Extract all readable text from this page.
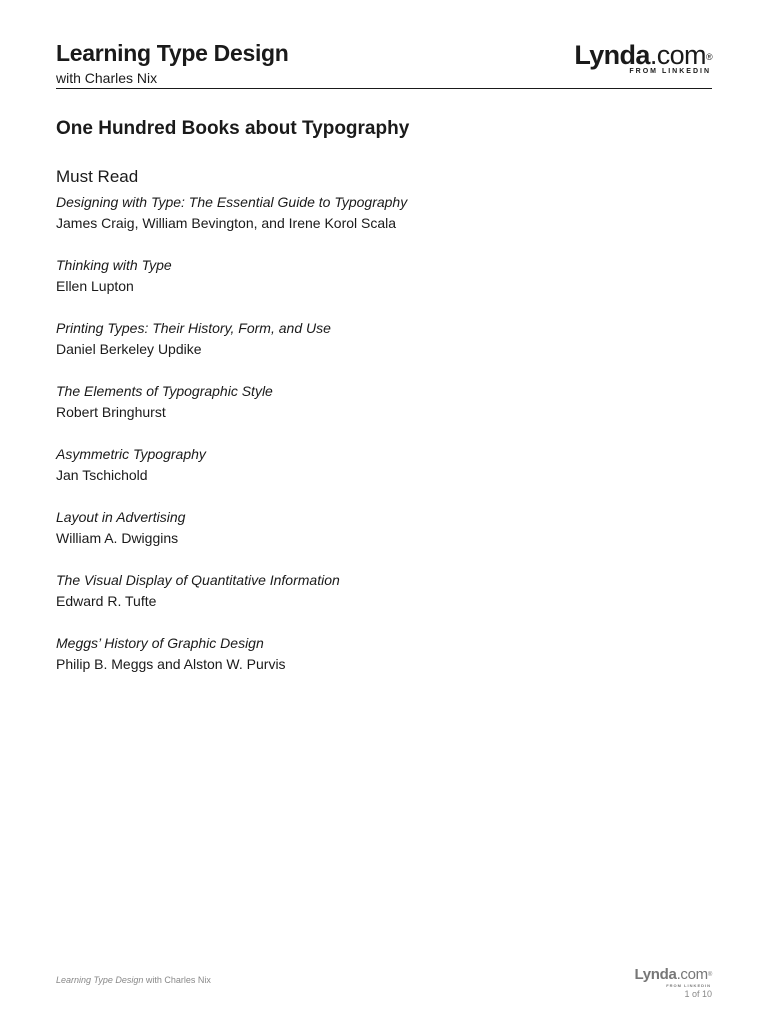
Learning Type Design
with Charles Nix
Lynda.com®
FROM LINKEDIN
One Hundred Books about Typography
Must Read
Designing with Type: The Essential Guide to Typography
James Craig, William Bevington, and Irene Korol Scala
Thinking with Type
Ellen Lupton
Printing Types: Their History, Form, and Use
Daniel Berkeley Updike
The Elements of Typographic Style
Robert Bringhurst
Asymmetric Typography
Jan Tschichold
Layout in Advertising
William A. Dwiggins
The Visual Display of Quantitative Information
Edward R. Tufte
Meggs’ History of Graphic Design
Philip B. Meggs and Alston W. Purvis
Learning Type Design with Charles Nix	Lynda.com®
FROM LINKEDIN
1 of 10
